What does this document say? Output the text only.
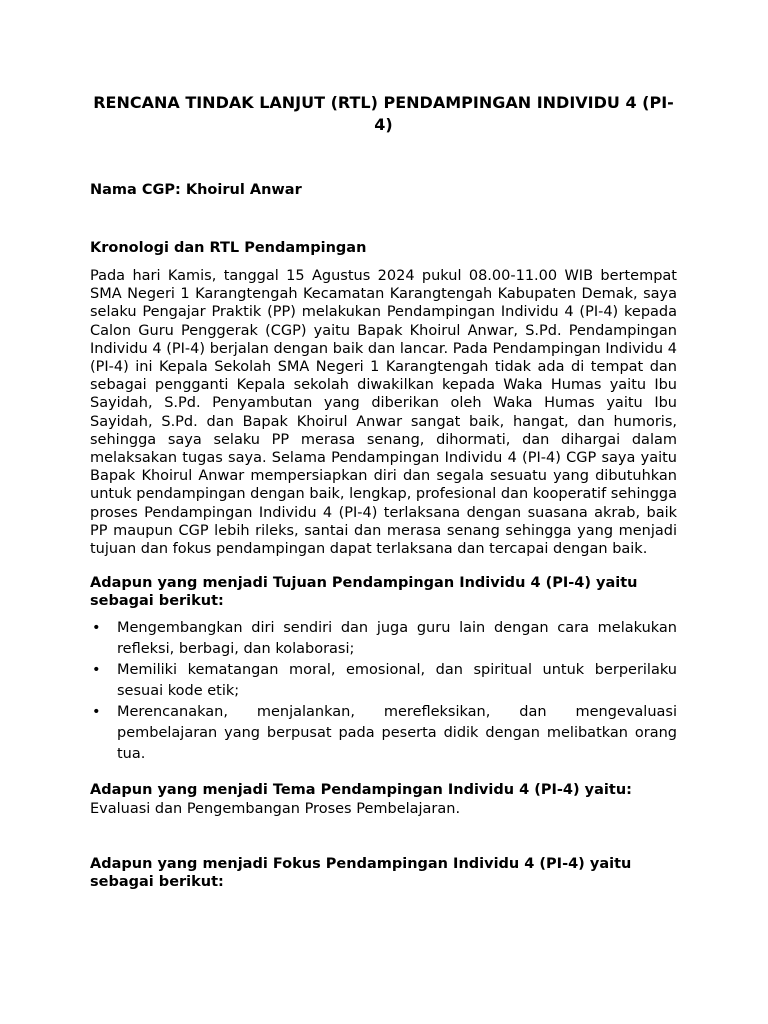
RENCANA TINDAK LANJUT (RTL) PENDAMPINGAN INDIVIDU 4 (PI-4)

Nama CGP: Khoirul Anwar

Kronologi dan RTL Pendampingan

Pada hari Kamis, tanggal 15 Agustus 2024 pukul 08.00-11.00 WIB bertempat SMA Negeri 1 Karangtengah Kecamatan Karangtengah Kabupaten Demak, saya selaku Pengajar Praktik (PP) melakukan Pendampingan Individu 4 (PI-4) kepada Calon Guru Penggerak (CGP) yaitu Bapak Khoirul Anwar, S.Pd. Pendampingan Individu 4 (PI-4) berjalan dengan baik dan lancar. Pada Pendampingan Individu 4 (PI-4) ini Kepala Sekolah SMA Negeri 1 Karangtengah tidak ada di tempat dan sebagai pengganti Kepala sekolah diwakilkan kepada Waka Humas yaitu Ibu Sayidah, S.Pd. Penyambutan yang diberikan oleh Waka Humas yaitu Ibu Sayidah, S.Pd. dan Bapak Khoirul Anwar sangat baik, hangat, dan humoris, sehingga saya selaku PP merasa senang, dihormati, dan dihargai dalam melaksakan tugas saya. Selama Pendampingan Individu 4 (PI-4) CGP saya yaitu Bapak Khoirul Anwar mempersiapkan diri dan segala sesuatu yang dibutuhkan untuk pendampingan dengan baik, lengkap, profesional dan kooperatif sehingga proses Pendampingan Individu 4 (PI-4) terlaksana dengan suasana akrab, baik PP maupun CGP lebih rileks, santai dan merasa senang sehingga yang menjadi tujuan dan fokus pendampingan dapat terlaksana dan tercapai dengan baik.

Adapun yang menjadi Tujuan Pendampingan Individu 4 (PI-4) yaitu sebagai berikut:
• Mengembangkan diri sendiri dan juga guru lain dengan cara melakukan refleksi, berbagi, dan kolaborasi;
• Memiliki kematangan moral, emosional, dan spiritual untuk berperilaku sesuai kode etik;
• Merencanakan, menjalankan, merefleksikan, dan mengevaluasi pembelajaran yang berpusat pada peserta didik dengan melibatkan orang tua.
Adapun yang menjadi Tema Pendampingan Individu 4 (PI-4) yaitu:

Evaluasi dan Pengembangan Proses Pembelajaran.

Adapun yang menjadi Fokus Pendampingan Individu 4 (PI-4) yaitu sebagai berikut:
